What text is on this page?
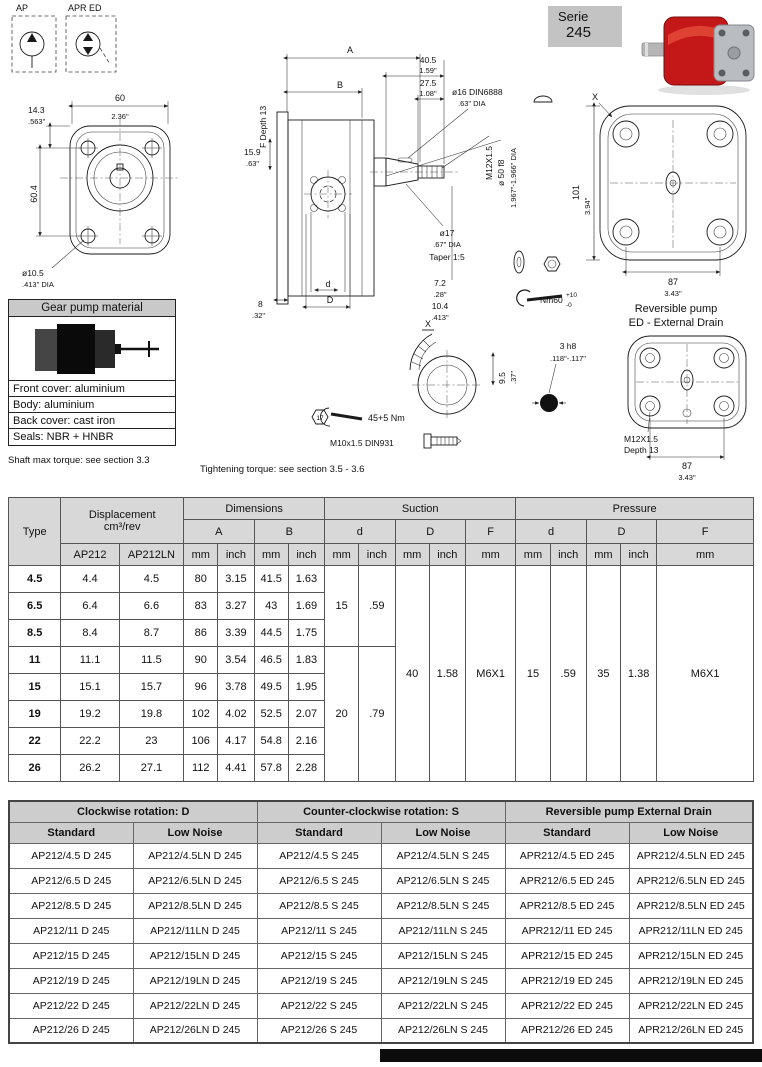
AP	APR ED
60
2.36"
14.3
.563"
60.4
ø10.5
.413" DIA
A
40.5
1.59"
27.5
1.08"
B
F Depth 13
15.9
.63"
ø16 DIN6888
.63" DIA
M12X1.5 ø 50 f8 1.967"-1.966" DIA
ø17
.67" DIA
Taper 1:5
d
D
8
.32"
7.2
.28"
10.4
.413"
Nm60 +10
-0
X
101
3.94"
87
3.43"
Reversible pump
ED - External Drain
X
9.5 .37"
3 h8
.118"-.117"
17	45+5 Nm
M10x1.5 DIN931	M12X1.5
Depth 13
87
3.43"
Serie
245
Gear pump material
Front cover: aluminium
Body: aluminium
Back cover: cast iron
Seals: NBR + HNBR
Shaft max torque: see section 3.3
Tightening torque: see section 3.5 - 3.6
Type	Displacement
cm³/rev		Dimensions				Suction					Pressure				
			A		B		d		D		F	d		D		F
	AP212	AP212LN	mm	inch	mm	inch	mm	inch	mm	inch	mm	mm	inch	mm	inch	mm
4.5	4.4	4.5	80	3.15	41.5	1.63	15	.59	40	1.58	M6X1	15	.59	35	1.38	M6X1
6.5	6.4	6.6	83	3.27	43	1.69										
8.5	8.4	8.7	86	3.39	44.5	1.75										
11	11.1	11.5	90	3.54	46.5	1.83	20	.79								
15	15.1	15.7	96	3.78	49.5	1.95										
19	19.2	19.8	102	4.02	52.5	2.07										
22	22.2	23	106	4.17	54.8	2.16										
26	26.2	27.1	112	4.41	57.8	2.28										
Clockwise rotation: D		Counter-clockwise rotation: S		Reversible pump External Drain	
Standard	Low Noise	Standard	Low Noise	Standard	Low Noise
AP212/4.5 D 245	AP212/4.5LN D 245	AP212/4.5 S 245	AP212/4.5LN S 245	APR212/4.5 ED 245	APR212/4.5LN ED 245
AP212/6.5 D 245	AP212/6.5LN D 245	AP212/6.5 S 245	AP212/6.5LN S 245	APR212/6.5 ED 245	APR212/6.5LN ED 245
AP212/8.5 D 245	AP212/8.5LN D 245	AP212/8.5 S 245	AP212/8.5LN S 245	APR212/8.5 ED 245	APR212/8.5LN ED 245
AP212/11 D 245	AP212/11LN D 245	AP212/11 S 245	AP212/11LN S 245	APR212/11 ED 245	APR212/11LN ED 245
AP212/15 D 245	AP212/15LN D 245	AP212/15 S 245	AP212/15LN S 245	APR212/15 ED 245	APR212/15LN ED 245
AP212/19 D 245	AP212/19LN D 245	AP212/19 S 245	AP212/19LN S 245	APR212/19 ED 245	APR212/19LN ED 245
AP212/22 D 245	AP212/22LN D 245	AP212/22 S 245	AP212/22LN S 245	APR212/22 ED 245	APR212/22LN ED 245
AP212/26 D 245	AP212/26LN D 245	AP212/26 S 245	AP212/26LN S 245	APR212/26 ED 245	APR212/26LN ED 245
